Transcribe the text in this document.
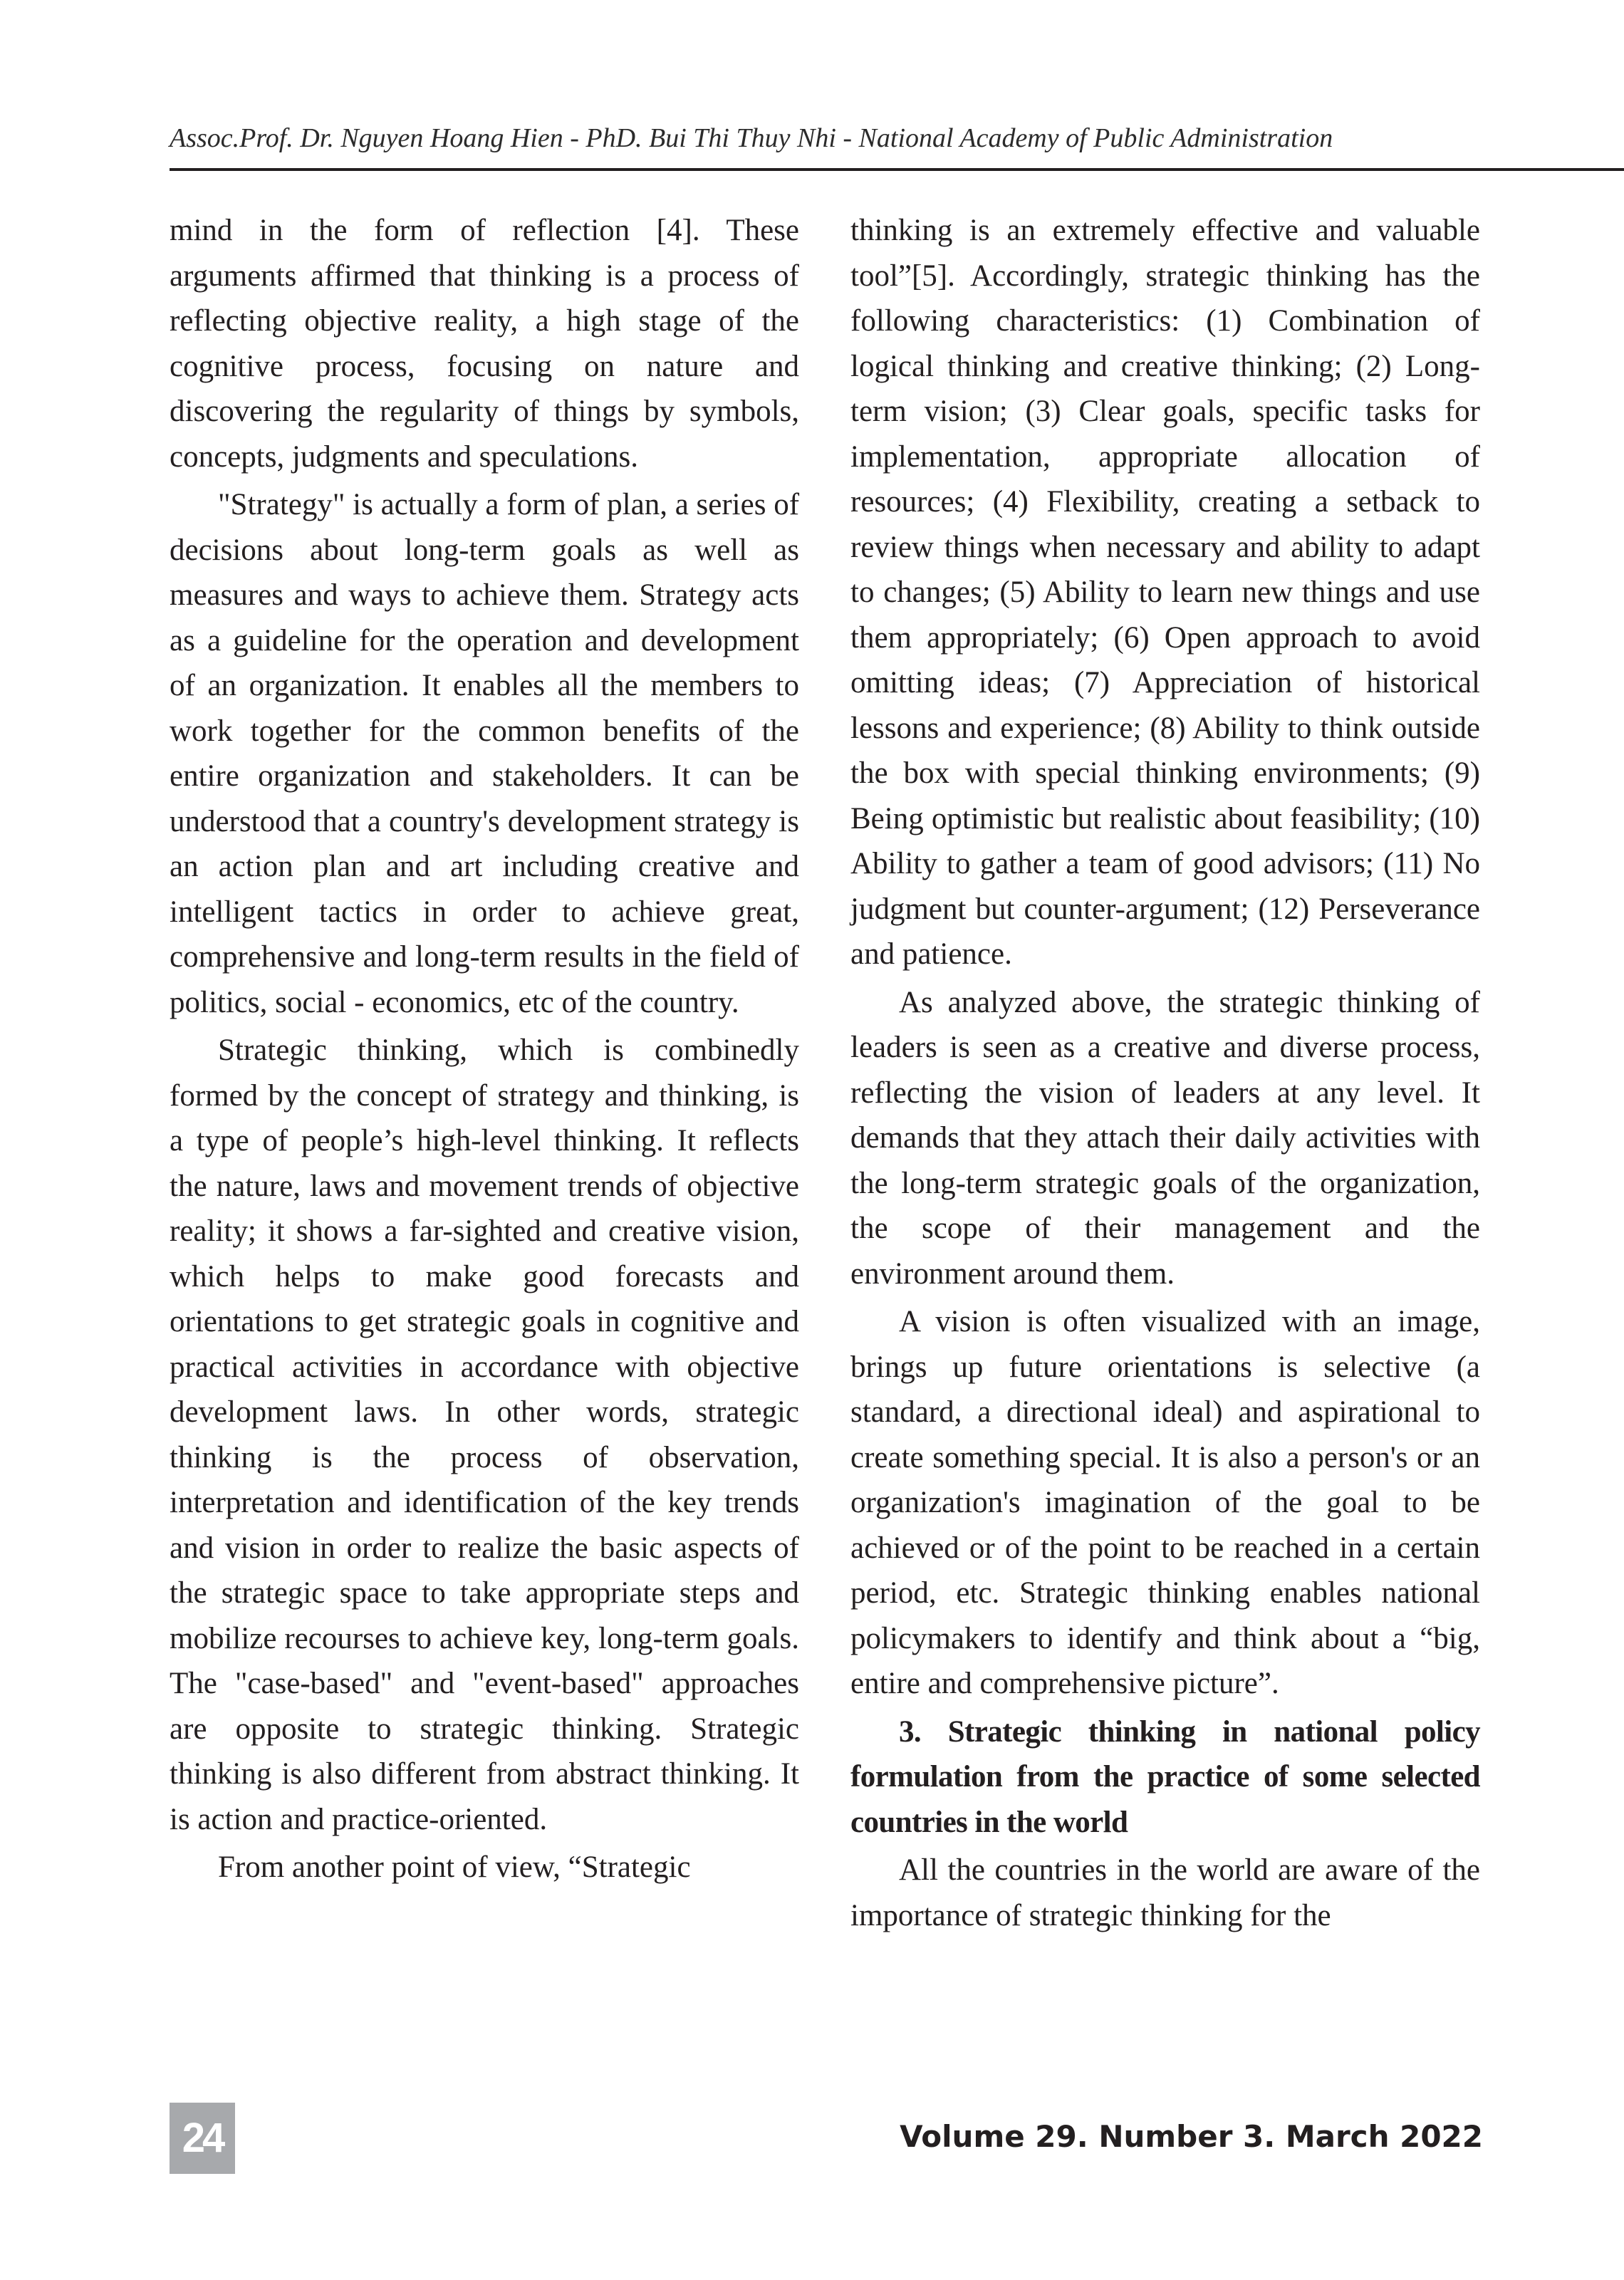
Assoc.Prof. Dr. Nguyen Hoang Hien - PhD. Bui Thi Thuy Nhi - National Academy of Public Administration

mind in the form of reflection [4]. These arguments affirmed that thinking is a process of reflecting objective reality, a high stage of the cognitive process, focusing on nature and discovering the regularity of things by symbols, concepts, judgments and speculations.

"Strategy" is actually a form of plan, a series of decisions about long-term goals as well as measures and ways to achieve them. Strategy acts as a guideline for the operation and development of an organization. It enables all the members to work together for the common benefits of the entire organization and stakeholders. It can be understood that a country's development strategy is an action plan and art including creative and intelligent tactics in order to achieve great, comprehensive and long-term results in the field of politics, social - economics, etc of the country.

Strategic thinking, which is combinedly formed by the concept of strategy and thinking, is a type of people’s high-level thinking. It reflects the nature, laws and movement trends of objective reality; it shows a far-sighted and creative vision, which helps to make good forecasts and orientations to get strategic goals in cognitive and practical activities in accordance with objective development laws. In other words, strategic thinking is the process of observation, interpretation and identification of the key trends and vision in order to realize the basic aspects of the strategic space to take appropriate steps and mobilize recourses to achieve key, long-term goals. The "case-based" and "event-based" approaches are opposite to strategic thinking. Strategic thinking is also different from abstract thinking. It is action and practice-oriented.

From another point of view, “Strategic

thinking is an extremely effective and valuable tool”[5]. Accordingly, strategic thinking has the following characteristics: (1) Combination of logical thinking and creative thinking; (2) Long-term vision; (3) Clear goals, specific tasks for implementation, appropriate allocation of resources; (4) Flexibility, creating a setback to review things when necessary and ability to adapt to changes; (5) Ability to learn new things and use them appropriately; (6) Open approach to avoid omitting ideas; (7) Appreciation of historical lessons and experience; (8) Ability to think outside the box with special thinking environments; (9) Being optimistic but realistic about feasibility; (10) Ability to gather a team of good advisors; (11) No judgment but counter-argument; (12) Perseverance and patience.

As analyzed above, the strategic thinking of leaders is seen as a creative and diverse process, reflecting the vision of leaders at any level. It demands that they attach their daily activities with the long-term strategic goals of the organization, the scope of their management and the environment around them.

A vision is often visualized with an image, brings up future orientations is selective (a standard, a directional ideal) and aspirational to create something special. It is also a person's or an organization's imagination of the goal to be achieved or of the point to be reached in a certain period, etc. Strategic thinking enables national policymakers to identify and think about a “big, entire and comprehensive picture”.

3. Strategic thinking in national policy formulation from the practice of some selected countries in the world

All the countries in the world are aware of the importance of strategic thinking for the

24	Volume 29. Number 3. March 2022
